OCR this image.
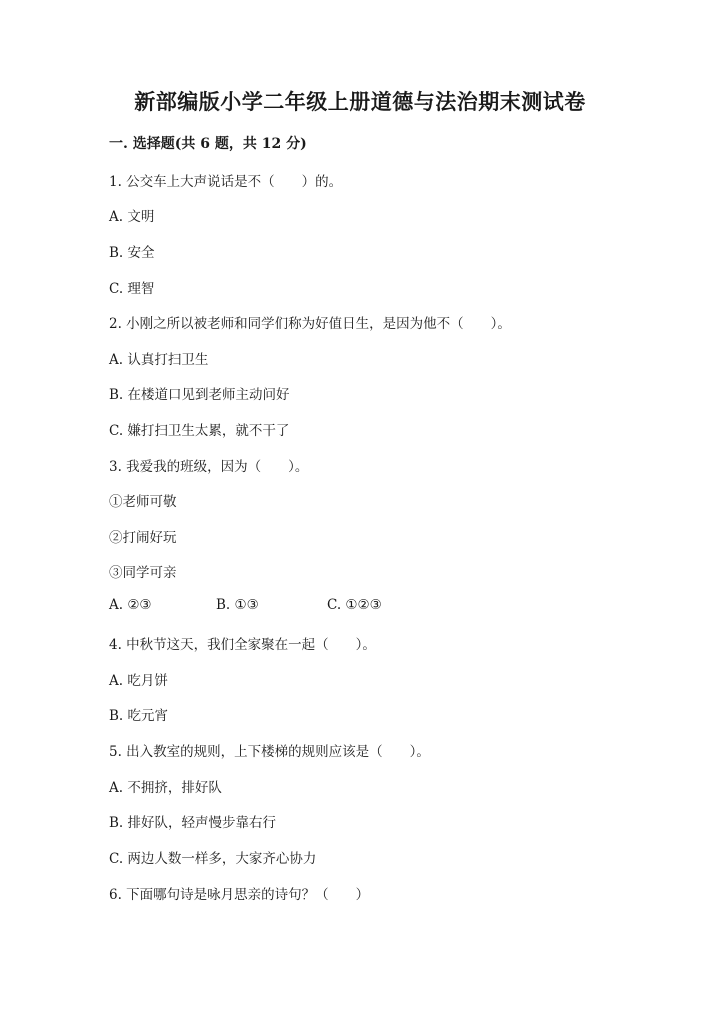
新部编版小学二年级上册道德与法治期末测试卷
一. 选择题(共 6 题，共 12 分)
1. 公交车上大声说话是不（　　）的。
A. 文明
B. 安全
C. 理智
2. 小刚之所以被老师和同学们称为好值日生，是因为他不（　　）。
A. 认真打扫卫生
B. 在楼道口见到老师主动问好
C. 嫌打扫卫生太累，就不干了
3. 我爱我的班级，因为（　　）。
①老师可敬
②打闹好玩
③同学可亲
A. ②③	B. ①③	C. ①②③
4. 中秋节这天，我们全家聚在一起（　　）。
A. 吃月饼
B. 吃元宵
5. 出入教室的规则，上下楼梯的规则应该是（　　）。
A. 不拥挤，排好队
B. 排好队，轻声慢步靠右行
C. 两边人数一样多，大家齐心协力
6. 下面哪句诗是咏月思亲的诗句？（　　）
